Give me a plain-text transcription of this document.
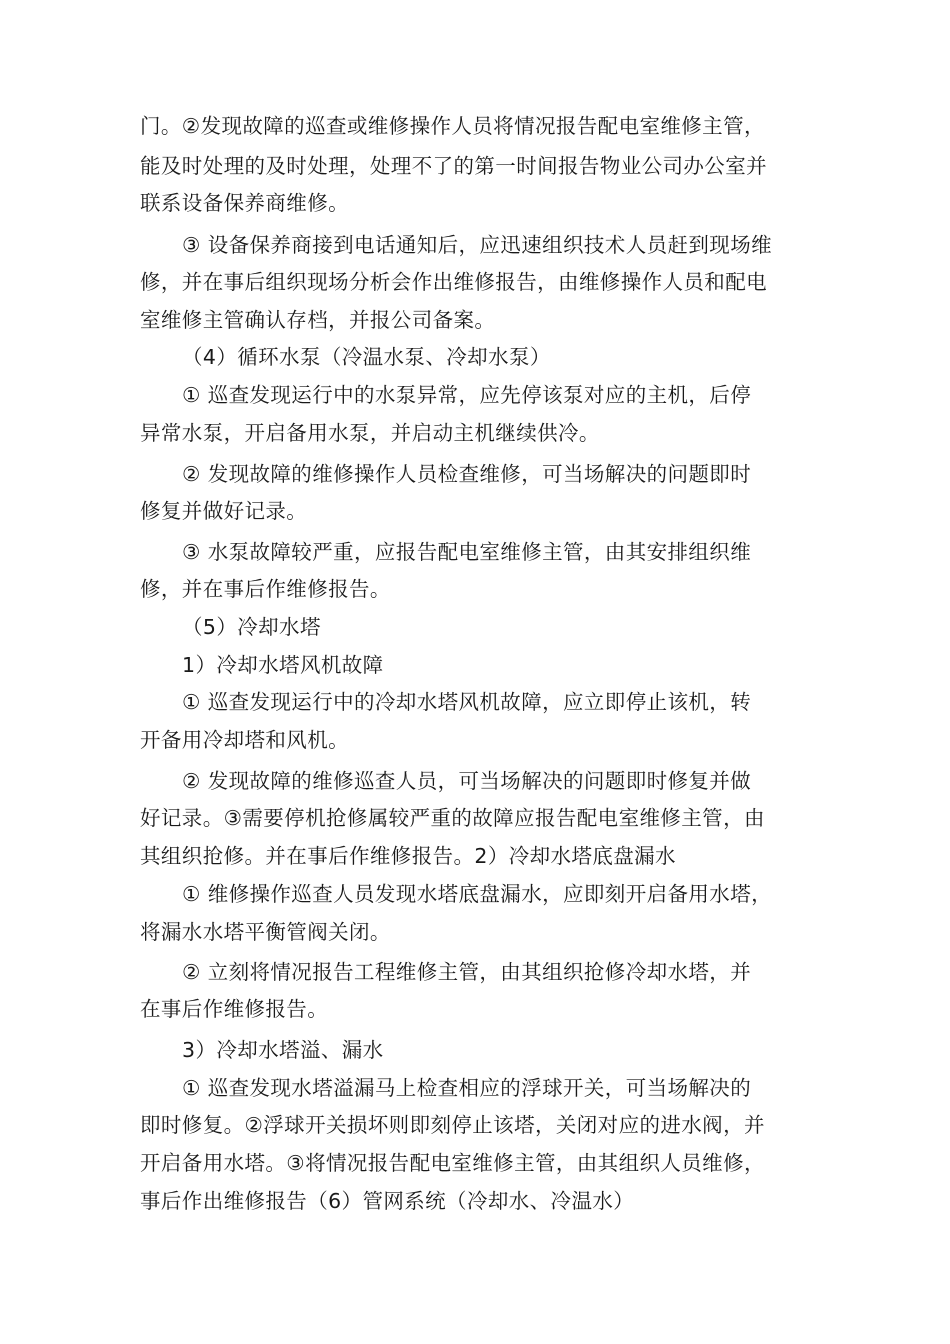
门。②发现故障的巡查或维修操作人员将情况报告配电室维修主管，
能及时处理的及时处理，处理不了的第一时间报告物业公司办公室并
联系设备保养商维修。
③ 设备保养商接到电话通知后，应迅速组织技术人员赶到现场维
修，并在事后组织现场分析会作出维修报告，由维修操作人员和配电
室维修主管确认存档，并报公司备案。
（4）循环水泵（冷温水泵、冷却水泵）
① 巡查发现运行中的水泵异常，应先停该泵对应的主机，后停
异常水泵，开启备用水泵，并启动主机继续供冷。
② 发现故障的维修操作人员检查维修，可当场解决的问题即时
修复并做好记录。
③ 水泵故障较严重，应报告配电室维修主管，由其安排组织维
修，并在事后作维修报告。
（5）冷却水塔
1）冷却水塔风机故障
① 巡查发现运行中的冷却水塔风机故障，应立即停止该机，转
开备用冷却塔和风机。
② 发现故障的维修巡查人员，可当场解决的问题即时修复并做
好记录。③需要停机抢修属较严重的故障应报告配电室维修主管，由
其组织抢修。并在事后作维修报告。2）冷却水塔底盘漏水
① 维修操作巡查人员发现水塔底盘漏水，应即刻开启备用水塔，
将漏水水塔平衡管阀关闭。
② 立刻将情况报告工程维修主管，由其组织抢修冷却水塔，并
在事后作维修报告。
3）冷却水塔溢、漏水
① 巡查发现水塔溢漏马上检查相应的浮球开关，可当场解决的
即时修复。②浮球开关损坏则即刻停止该塔，关闭对应的进水阀，并
开启备用水塔。③将情况报告配电室维修主管，由其组织人员维修，
事后作出维修报告（6）管网系统（冷却水、冷温水）
